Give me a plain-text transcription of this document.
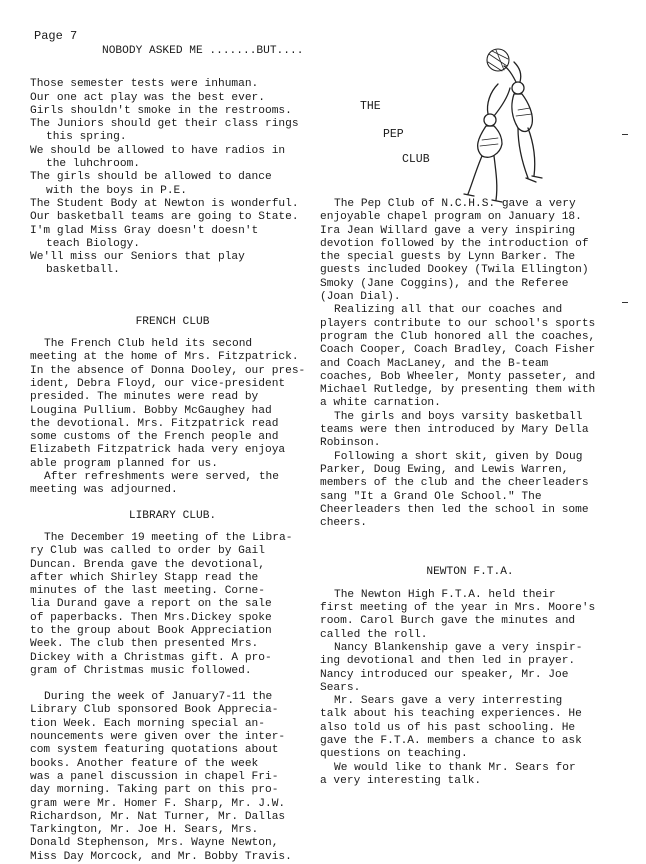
Page 7
NOBODY ASKED ME .......BUT....
Those semester tests were inhuman.
Our one act play was the best ever.
Girls shouldn't smoke in the restrooms.
The Juniors should get their class rings
this spring.
We should be allowed to have radios in
the luhchroom.
The girls should be allowed to dance
with the boys in P.E.
The Student Body at Newton is wonderful.
Our basketball teams are going to State.
I'm glad Miss Gray doesn't doesn't
teach Biology.
We'll miss our Seniors that play
basketball.
FRENCH CLUB
The French Club held its second
meeting at the home of Mrs. Fitzpatrick.
In the absence of Donna Dooley, our pres-
ident, Debra Floyd, our vice-president
presided. The minutes were read by
Lougina Pullium. Bobby McGaughey had
the devotional. Mrs. Fitzpatrick read
some customs of the French people and
Elizabeth Fitzpatrick hada very enjoya
able program planned for us.
After refreshments were served, the
meeting was adjourned.
LIBRARY CLUB.
The December 19 meeting of the Libra-
ry Club was called to order by Gail
Duncan. Brenda gave the devotional,
after which Shirley Stapp read the
minutes of the last meeting. Corne-
lia Durand gave a report on the sale
of paperbacks. Then Mrs.Dickey spoke
to the group about Book Appreciation
Week. The club then presented Mrs.
Dickey with a Christmas gift. A pro-
gram of Christmas music followed.
During the week of January7-11 the
Library Club sponsored Book Apprecia-
tion Week. Each morning special an-
nouncements were given over the inter-
com system featuring quotations about
books. Another feature of the week
was a panel discussion in chapel Fri-
day morning. Taking part on this pro-
gram were Mr. Homer F. Sharp, Mr. J.W.
Richardson, Mr. Nat Turner, Mr. Dallas
Tarkington, Mr. Joe H. Sears, Mrs.
Donald Stephenson, Mrs. Wayne Newton,
Miss Day Morcock, and Mr. Bobby Travis.
THE
PEP
CLUB
The Pep Club of N.C.H.S. gave a very
enjoyable chapel program on January 18.
Ira Jean Willard gave a very inspiring
devotion followed by the introduction of
the special guests by Lynn Barker. The
guests included Dookey (Twila Ellington)
Smoky (Jane Coggins), and the Referee
(Joan Dial).
Realizing all that our coaches and
players contribute to our school's sports
program the Club honored all the coaches,
Coach Cooper, Coach Bradley, Coach Fisher
and Coach MacLaney, and the B-team
coaches, Bob Wheeler, Monty passeter, and
Michael Rutledge, by presenting them with
a white carnation.
The girls and boys varsity basketball
teams were then introduced by Mary Della
Robinson.
Following a short skit, given by Doug
Parker, Doug Ewing, and Lewis Warren,
members of the club and the cheerleaders
sang "It a Grand Ole School." The
Cheerleaders then led the school in some
cheers.
NEWTON F.T.A.
The Newton High F.T.A. held their
first meeting of the year in Mrs. Moore's
room. Carol Burch gave the minutes and
called the roll.
Nancy Blankenship gave a very inspir-
ing devotional and then led in prayer.
Nancy introduced our speaker, Mr. Joe
Sears.
Mr. Sears gave a very interresting
talk about his teaching experiences. He
also told us of his past schooling. He
gave the F.T.A. members a chance to ask
questions on teaching.
We would like to thank Mr. Sears for
a very interesting talk.
